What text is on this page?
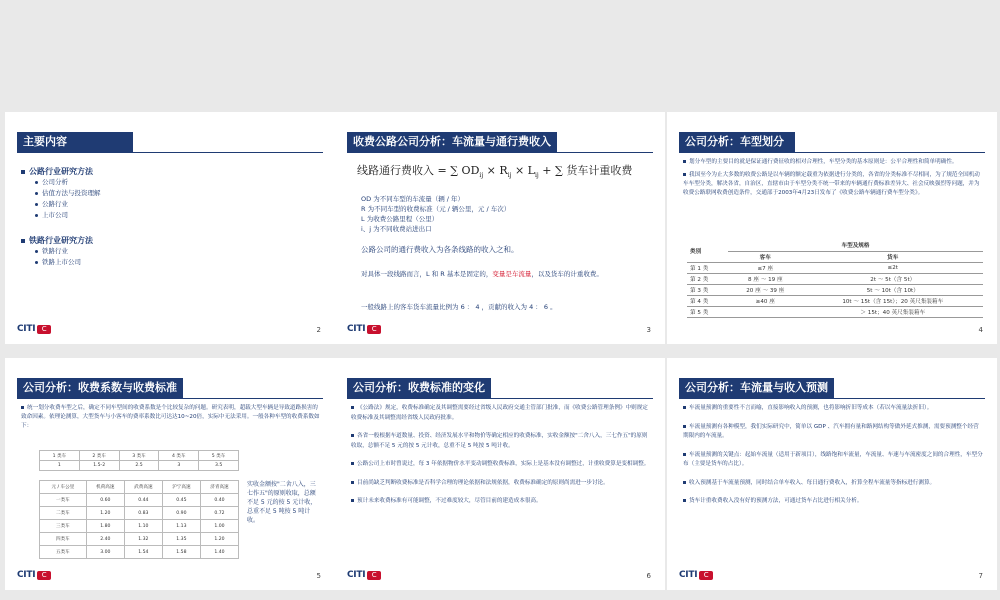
主要内容
公路行业研究方法
公司分析
估值方法与投资理解
公路行业
上市公司
铁路行业研究方法
铁路行业
铁路上市公司
CITI C	2
收费公路公司分析：车流量与通行费收入
线路通行费收入 = ∑ $OD_{ij} \times R_{ij} \times L_{ij}$ + ∑ 货车计重收费
OD 为不同车型的车流量（辆 / 年）
R 为不同车型的收费标准（元 / 辆公里，元 / 车次）
L 为收费公路里程（公里）
i、j 为不同收费站进出口
公路公司的通行费收入为各条线路的收入之和。
对具体一段线路而言，L 和 R 基本是固定的，变量是车流量，以及货车的计重收费。
一般线路上的客车货车流量比例为 6 ： 4 ，贡献的收入为 4 ： 6 。
CITI C	3
公司分析：车型划分

划分车型的主要目的就是保证通行费征收的相对合理性，车型分类的基本原则是：公平合理性和简单明确性。

我国至今为止大多数的收费公路是以车辆的额定载重为依据进行分类的，各省的分类标准不尽相同，为了规范全国机动车车型分类，解决各省，自治区，直辖市由于车型分类不统一带来的车辆通行费标准差异大、社会反映强烈等问题，并为收费公路联网收费创造条件，交通部于2003年4月23日发布了《收费公路车辆通行费车型分类》。

类别	车型及规格	
	客车	货车
第 1 类	≤7 座	≤2t
第 2 类	8 座 ～ 19 座	2t ～ 5t（含 5t）
第 3 类	20 座 ～ 39 座	5t ～ 10t（含 10t）
第 4 类	≥40 座	10t ～ 15t（含 15t）；20 英尺集装箱车
第 5 类		＞ 15t；40 英尺集装箱车
4
公司分析：收费系数与收费标准

统一划分收费车型之后，确定不同车型间的收费系数是个比较复杂的问题。研究表明，超载大型车辆是导致道路损害的致命因素。依理论测算，大型货车与小客车的费率系数比可达达10~20倍，实际中无法采用。一般各种车型的收费系数如下：

1 类车	2 类车	3 类车	4 类车	5 类车
1	1.5-2	2.5	3	3.5
元 / 车公里	机荷高速	武黄高速	沪宁高速	济青高速
一类车	0.60	0.44	0.45	0.40
二类车	1.20	0.83	0.90	0.72
三类车	1.80	1.10	1.13	1.00
四类车	2.40	1.32	1.35	1.20
五类车	3.00	1.54	1.58	1.40
实收金额按"二舍八入，三七作五"的原则收取，总额不足 5 元的按 5 元计收，总重不足 5 吨按 5 吨计收。
CITI C	5
公司分析：收费标准的变化

《公路法》规定，收费标准确定及其调整需要经过省级人民政府交通主管部门批准，而《收费公路管理条例》中则规定收费标准及其调整需经省级人民政府批准。

各省一般根据车道数量、投资、经济发展水平和物价等确定相应的收费标准，实收金额按"二舍八入，三七作五"的原则收取，总额不足 5 元的按 5 元计收，总重不足 5 吨按 5 吨计收。

公路公司上市时曾说过，每 3 年依据物价水平变动调整收费标准，实际上是基本没有调整过，计重收费算是变相调整。

目前尚缺乏判断收费标准是否科学合理的理论依据和法规依据，收费标准确定的原则尚需进一步讨论。

预计未来收费标准有可能调整，不过难度较大，尽管目前的建造成本很高。

CITI C	6
公司分析：车流量与收入预测

车流量预测的重要性不言而喻，直接影响收入的预测，也将影响折旧等成本（若以车流量法折旧）。

车流量预测有各种模型，我们实际研究中，简单以 GDP 、汽车拥有量和路网结构等做外延式推测，需要预测整个经营期限内的车流量。

车流量预测的关键点：起始车流量（适用于新项目），线路饱和车流量，车流量、车速与车流密度之间的合理性，车型分布（主要是货车的占比）。

收入预测基于车流量预测，同时结合单车收入、每日通行费收入，折算全程车流量等指标进行测算。

货车计重收费收入没有好的预测方法，可通过货车占比进行相关分析。

CITI C	7
